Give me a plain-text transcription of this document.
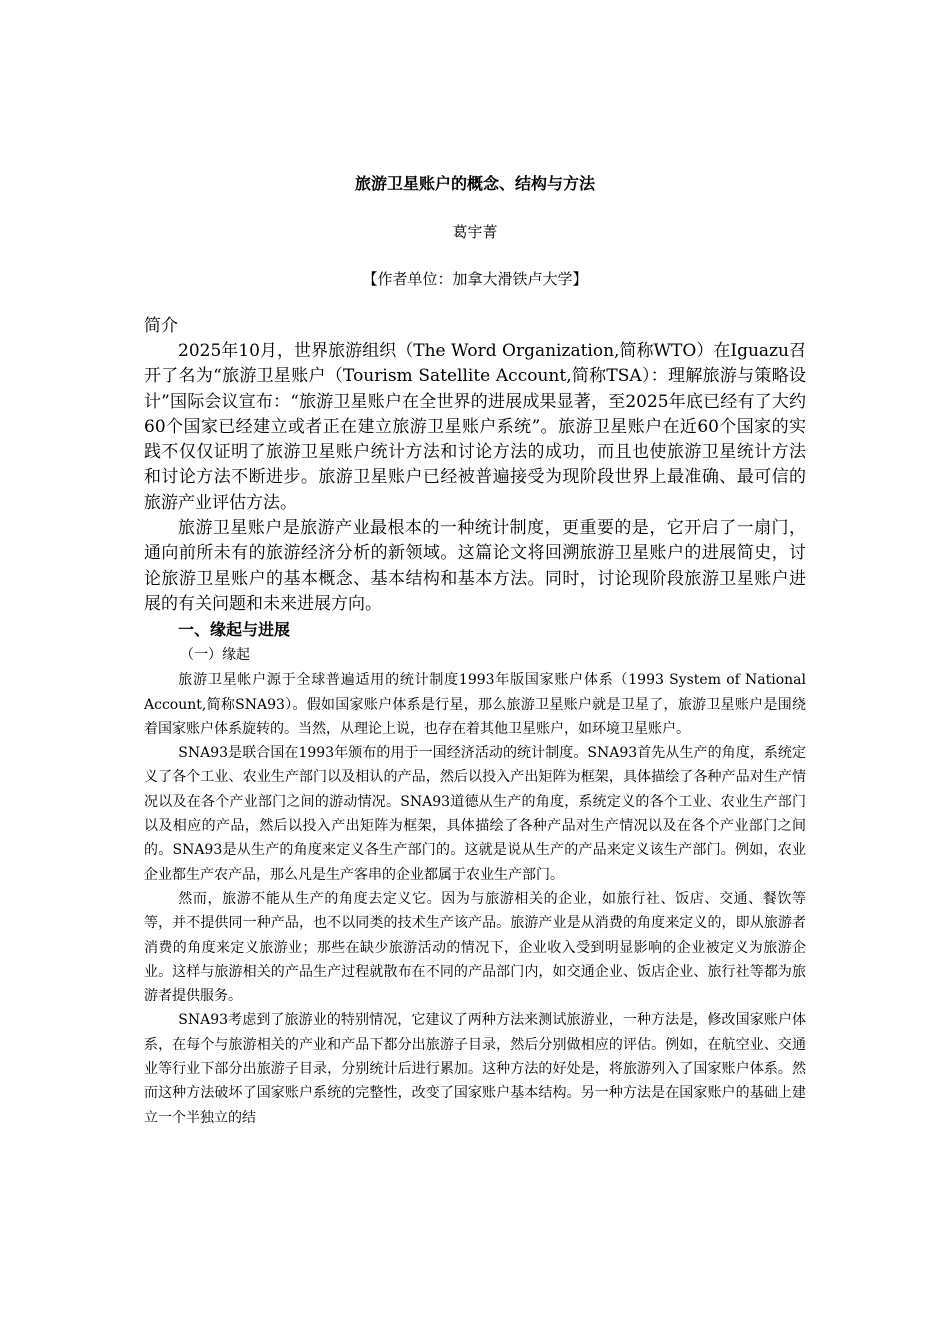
旅游卫星账户的概念、结构与方法
葛宇菁
【作者单位：加拿大滑铁卢大学】

简介

2025年10月，世界旅游组织（The Word Organization,简称WTO）在Iguazu召开了名为“旅游卫星账户（Tourism Satellite Account,简称TSA）：理解旅游与策略设计”国际会议宣布：“旅游卫星账户在全世界的进展成果显著，至2025年底已经有了大约60个国家已经建立或者正在建立旅游卫星账户系统”。旅游卫星账户在近60个国家的实践不仅仅证明了旅游卫星账户统计方法和讨论方法的成功，而且也使旅游卫星统计方法和讨论方法不断进步。旅游卫星账户已经被普遍接受为现阶段世界上最准确、最可信的旅游产业评估方法。

旅游卫星账户是旅游产业最根本的一种统计制度，更重要的是，它开启了一扇门，通向前所未有的旅游经济分析的新领域。这篇论文将回溯旅游卫星账户的进展简史，讨论旅游卫星账户的基本概念、基本结构和基本方法。同时，讨论现阶段旅游卫星账户进展的有关问题和未来进展方向。

一、缘起与进展

（一）缘起

旅游卫星帐户源于全球普遍适用的统计制度1993年版国家账户体系（1993 System of National Account,简称SNA93）。假如国家账户体系是行星，那么旅游卫星账户就是卫星了，旅游卫星账户是围绕着国家账户体系旋转的。当然，从理论上说，也存在着其他卫星账户，如环境卫星账户。

SNA93是联合国在1993年颁布的用于一国经济活动的统计制度。SNA93首先从生产的角度，系统定义了各个工业、农业生产部门以及相认的产品，然后以投入产出矩阵为框架，具体描绘了各种产品对生产情况以及在各个产业部门之间的游动情况。SNA93道德从生产的角度，系统定义的各个工业、农业生产部门以及相应的产品，然后以投入产出矩阵为框架，具体描绘了各种产品对生产情况以及在各个产业部门之间的。SNA93是从生产的角度来定义各生产部门的。这就是说从生产的产品来定义该生产部门。例如，农业企业都生产农产品，那么凡是生产客串的企业都属于农业生产部门。

然而，旅游不能从生产的角度去定义它。因为与旅游相关的企业，如旅行社、饭店、交通、餐饮等等，并不提供同一种产品，也不以同类的技术生产该产品。旅游产业是从消费的角度来定义的，即从旅游者消费的角度来定义旅游业；那些在缺少旅游活动的情况下，企业收入受到明显影响的企业被定义为旅游企业。这样与旅游相关的产品生产过程就散布在不同的产品部门内，如交通企业、饭店企业、旅行社等都为旅游者提供服务。

SNA93考虑到了旅游业的特别情况，它建议了两种方法来测试旅游业，一种方法是，修改国家账户体系，在每个与旅游相关的产业和产品下都分出旅游子目录，然后分别做相应的评估。例如，在航空业、交通业等行业下部分出旅游子目录，分别统计后进行累加。这种方法的好处是，将旅游列入了国家账户体系。然而这种方法破坏了国家账户系统的完整性，改变了国家账户基本结构。另一种方法是在国家账户的基础上建立一个半独立的结
